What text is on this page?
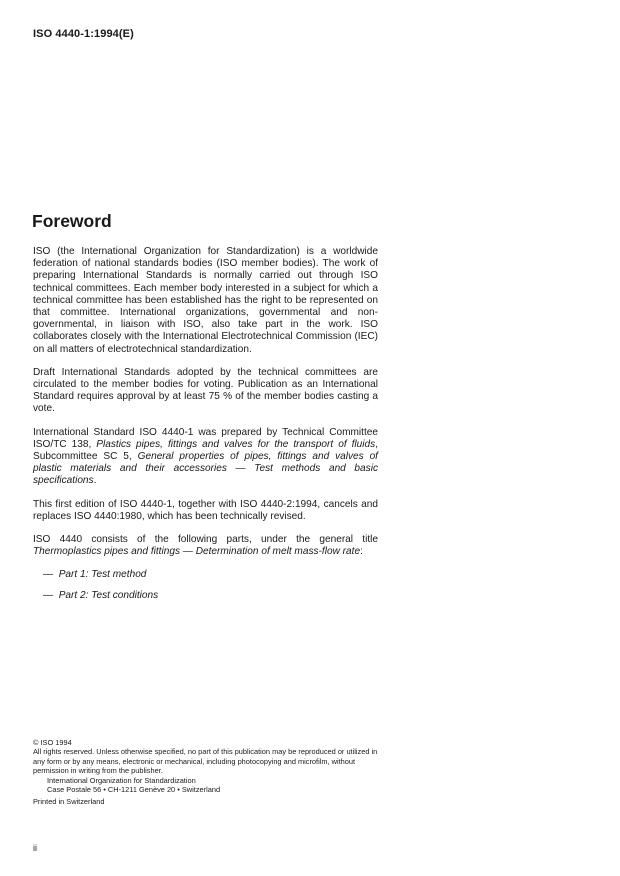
ISO 4440-1:1994(E)
Foreword

ISO (the International Organization for Standardization) is a worldwide federation of national standards bodies (ISO member bodies). The work of preparing International Standards is normally carried out through ISO technical committees. Each member body interested in a subject for which a technical committee has been established has the right to be represented on that committee. International organizations, governmental and non-governmental, in liaison with ISO, also take part in the work. ISO collaborates closely with the International Electrotechnical Commission (IEC) on all matters of electrotechnical standardization.

Draft International Standards adopted by the technical committees are circulated to the member bodies for voting. Publication as an International Standard requires approval by at least 75 % of the member bodies casting a vote.

International Standard ISO 4440-1 was prepared by Technical Committee ISO/TC 138, Plastics pipes, fittings and valves for the transport of fluids, Subcommittee SC 5, General properties of pipes, fittings and valves of plastic materials and their accessories — Test methods and basic specifications.

This first edition of ISO 4440-1, together with ISO 4440-2:1994, cancels and replaces ISO 4440:1980, which has been technically revised.

ISO 4440 consists of the following parts, under the general title Thermoplastics pipes and fittings — Determination of melt mass-flow rate:

— Part 1: Test method

— Part 2: Test conditions

© ISO 1994

All rights reserved. Unless otherwise specified, no part of this publication may be reproduced or utilized in any form or by any means, electronic or mechanical, including photocopying and microfilm, without permission in writing from the publisher.

International Organization for Standardization

Case Postale 56 • CH-1211 Genève 20 • Switzerland

Printed in Switzerland

ii
